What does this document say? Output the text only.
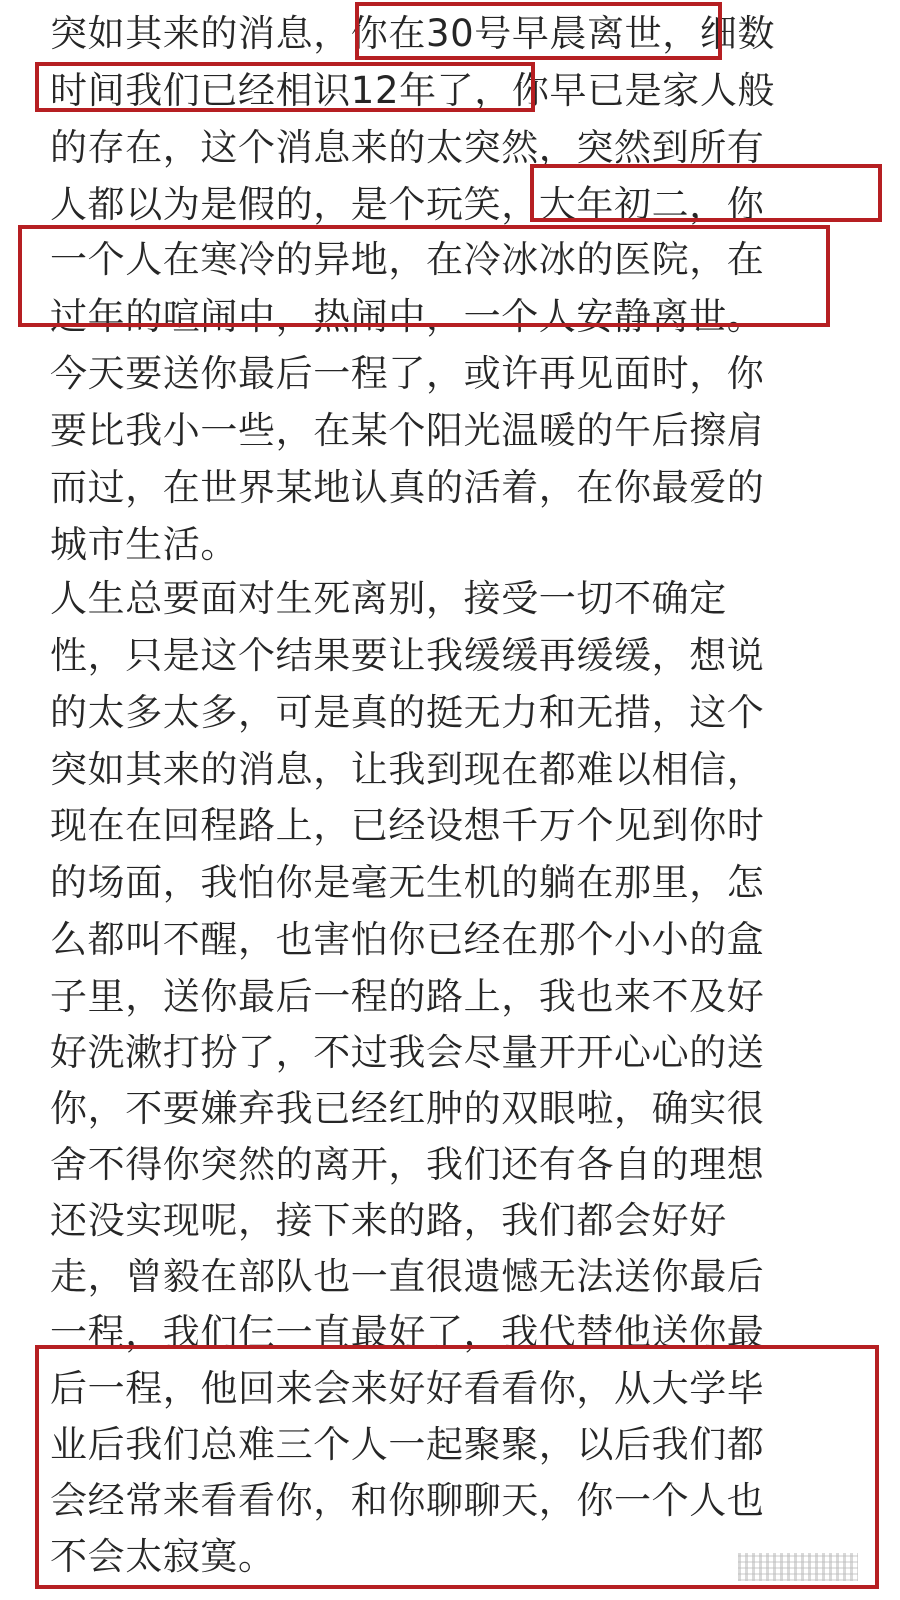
突如其来的消息，你在30号早晨离世，细数
时间我们已经相识12年了，你早已是家人般
的存在，这个消息来的太突然，突然到所有
人都以为是假的，是个玩笑，大年初二，你
一个人在寒冷的异地，在冷冰冰的医院，在
过年的喧闹中，热闹中，一个人安静离世。
今天要送你最后一程了，或许再见面时，你
要比我小一些，在某个阳光温暖的午后擦肩
而过，在世界某地认真的活着，在你最爱的
城市生活。
人生总要面对生死离别，接受一切不确定
性，只是这个结果要让我缓缓再缓缓，想说
的太多太多，可是真的挺无力和无措，这个
突如其来的消息，让我到现在都难以相信，
现在在回程路上，已经设想千万个见到你时
的场面，我怕你是毫无生机的躺在那里，怎
么都叫不醒，也害怕你已经在那个小小的盒
子里，送你最后一程的路上，我也来不及好
好洗漱打扮了，不过我会尽量开开心心的送
你，不要嫌弃我已经红肿的双眼啦，确实很
舍不得你突然的离开，我们还有各自的理想
还没实现呢，接下来的路，我们都会好好
走，曾毅在部队也一直很遗憾无法送你最后
一程，我们仨一直最好了，我代替他送你最
后一程，他回来会来好好看看你，从大学毕
业后我们总难三个人一起聚聚，以后我们都
会经常来看看你，和你聊聊天，你一个人也
不会太寂寞。
